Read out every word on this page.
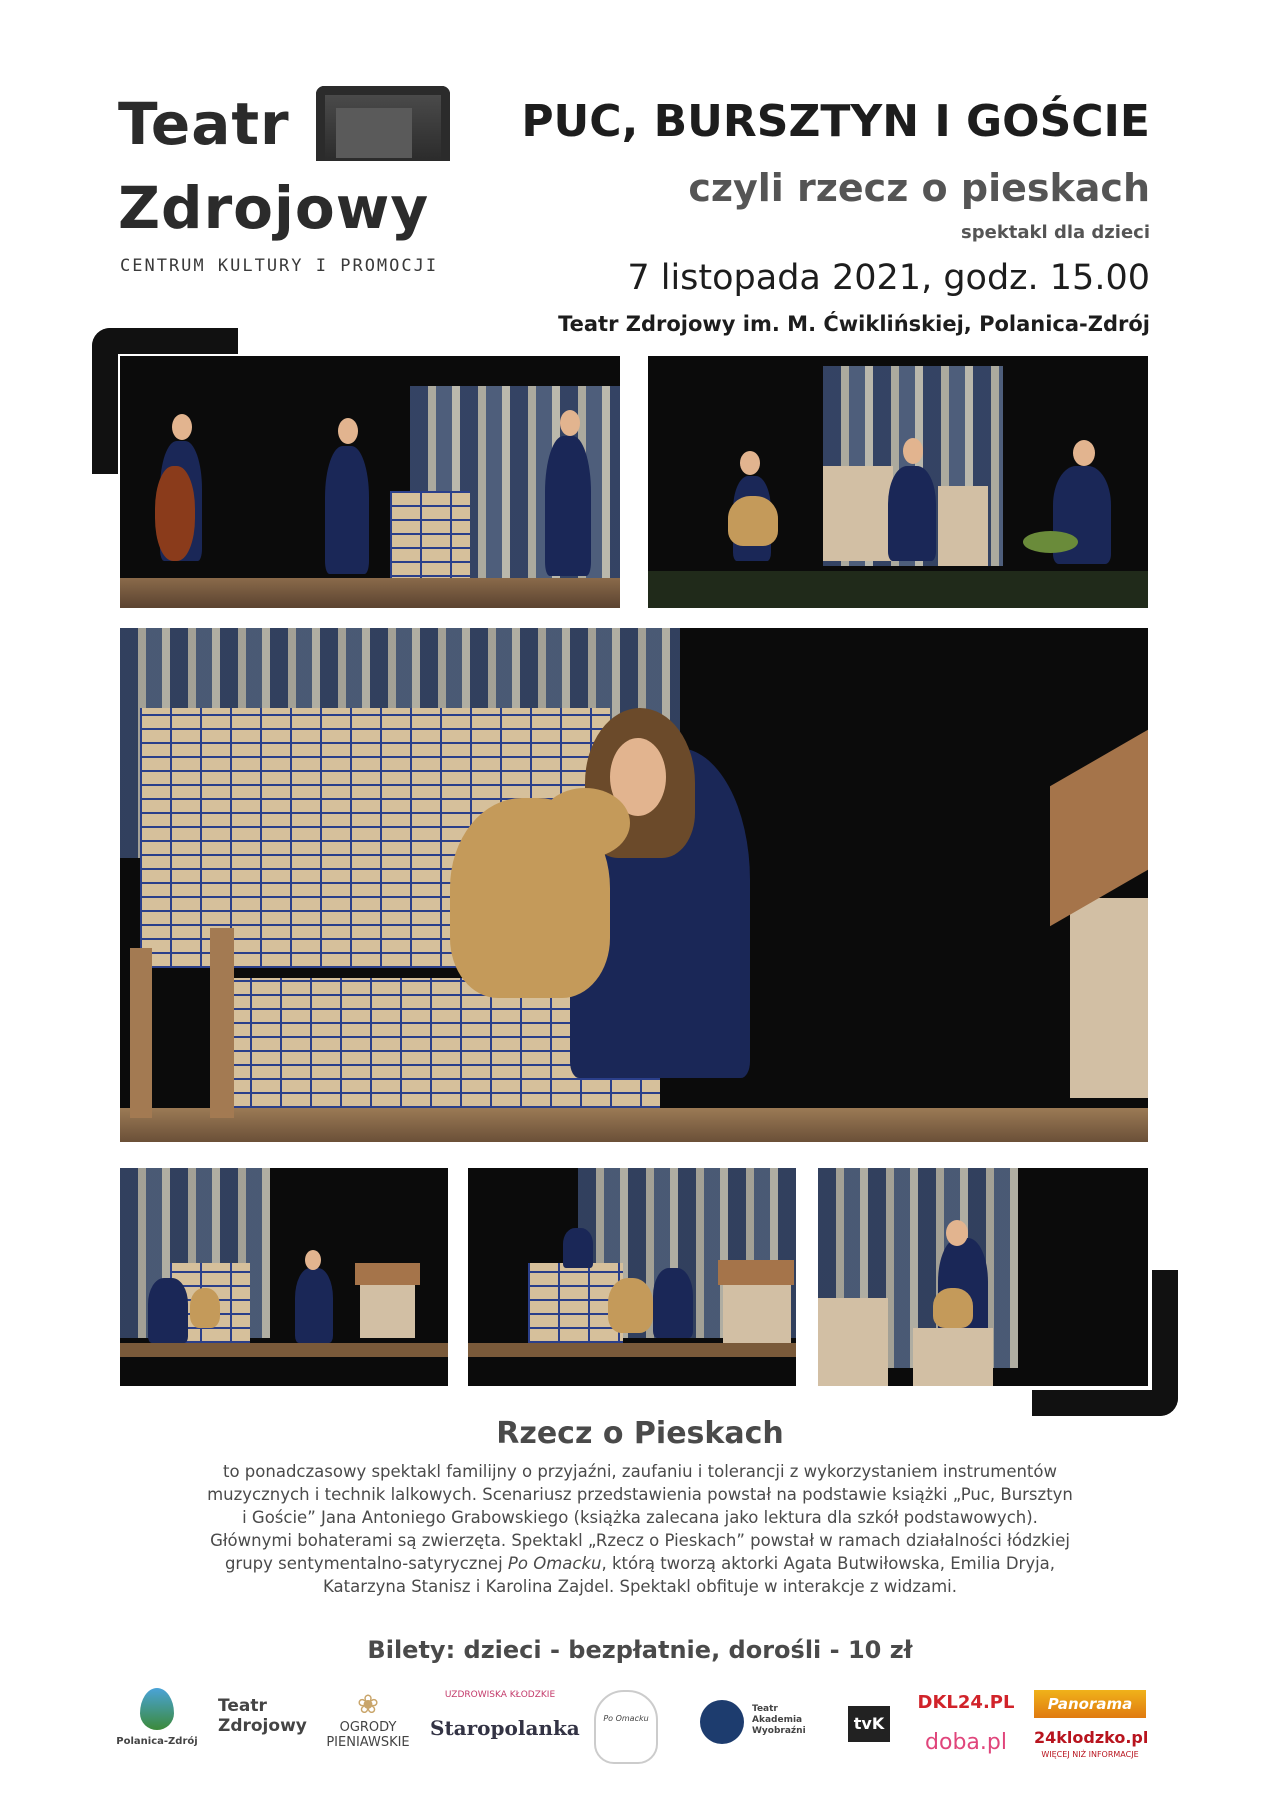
Teatr
Zdrojowy
CENTRUM KULTURY I PROMOCJI
PUC, BURSZTYN I GOŚCIE
czyli rzecz o pieskach
spektakl dla dzieci
7 listopada 2021, godz. 15.00
Teatr Zdrojowy im. M. Ćwiklińskiej, Polanica-Zdrój
Rzecz o Pieskach

to ponadczasowy spektakl familijny o przyjaźni, zaufaniu i tolerancji z wykorzystaniem instrumentów

muzycznych i technik lalkowych. Scenariusz przedstawienia powstał na podstawie książki „Puc, Bursztyn

i Goście” Jana Antoniego Grabowskiego (książka zalecana jako lektura dla szkół podstawowych).

Głównymi bohaterami są zwierzęta. Spektakl „Rzecz o Pieskach” powstał w ramach działalności łódzkiej

grupy sentymentalno-satyrycznej Po Omacku, którą tworzą aktorki Agata Butwiłowska, Emilia Dryja,

Katarzyna Stanisz i Karolina Zajdel. Spektakl obfituje w interakcje z widzami.

Bilety: dzieci - bezpłatnie, dorośli - 10 zł
Polanica-Zdrój
Teatr
Zdrojowy
❀
OGRODY
PIENIAWSKIE
UZDROWISKA KŁODZKIE
Staropolanka	Po Omacku
Teatr
Akademia
Wyobraźni	tvK
DKL24.PL
doba.pl
Panorama
24klodzko.pl
WIĘCEJ NIŻ INFORMACJE
